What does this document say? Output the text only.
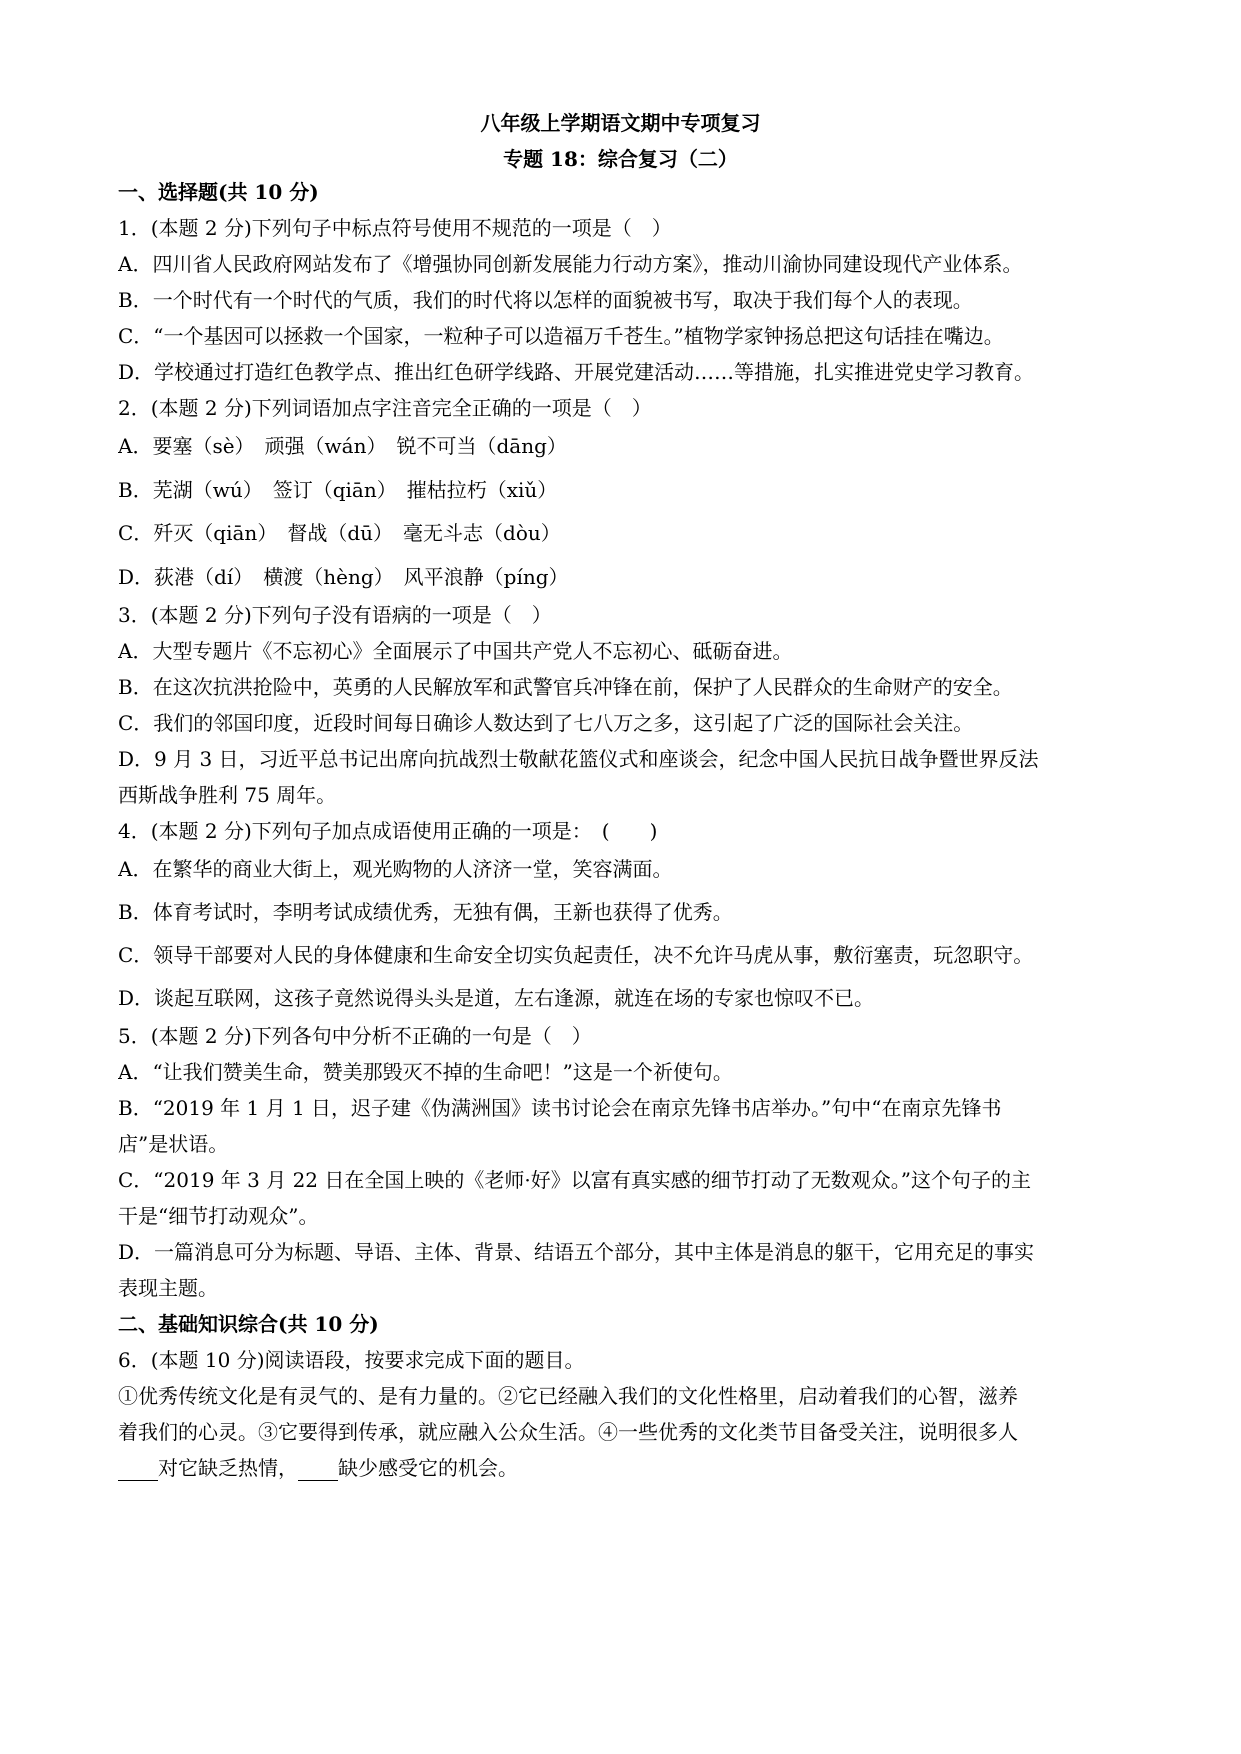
八年级上学期语文期中专项复习
专题 18：综合复习（二）
一、选择题(共 10 分)
1．(本题 2 分)下列句子中标点符号使用不规范的一项是（　）
A．四川省人民政府网站发布了《增强协同创新发展能力行动方案》，推动川渝协同建设现代产业体系。
B．一个时代有一个时代的气质，我们的时代将以怎样的面貌被书写，取决于我们每个人的表现。
C．“一个基因可以拯救一个国家，一粒种子可以造福万千苍生。”植物学家钟扬总把这句话挂在嘴边。
D．学校通过打造红色教学点、推出红色研学线路、开展党建活动……等措施，扎实推进党史学习教育。
2．(本题 2 分)下列词语加点字注音完全正确的一项是（　）
A．要塞（sè）　顽强（wán）　锐不可当（dāng）
B．芜湖（wú）　签订（qiān）　摧枯拉朽（xiǔ）
C．歼灭（qiān）　督战（dū）　毫无斗志（dòu）
D．荻港（dí）　横渡（hèng）　风平浪静（píng）
3．(本题 2 分)下列句子没有语病的一项是（　）
A．大型专题片《不忘初心》全面展示了中国共产党人不忘初心、砥砺奋进。
B．在这次抗洪抢险中，英勇的人民解放军和武警官兵冲锋在前，保护了人民群众的生命财产的安全。
C．我们的邻国印度，近段时间每日确诊人数达到了七八万之多，这引起了广泛的国际社会关注。
D．9 月 3 日，习近平总书记出席向抗战烈士敬献花篮仪式和座谈会，纪念中国人民抗日战争暨世界反法
西斯战争胜利 75 周年。
4．(本题 2 分)下列句子加点成语使用正确的一项是：　(　　)
A．在繁华的商业大街上，观光购物的人济济一堂，笑容满面。
B．体育考试时，李明考试成绩优秀，无独有偶，王新也获得了优秀。
C．领导干部要对人民的身体健康和生命安全切实负起责任，决不允许马虎从事，敷衍塞责，玩忽职守。
D．谈起互联网，这孩子竟然说得头头是道，左右逢源，就连在场的专家也惊叹不已。
5．(本题 2 分)下列各句中分析不正确的一句是（　）
A．“让我们赞美生命，赞美那毁灭不掉的生命吧！”这是一个祈使句。
B．“2019 年 1 月 1 日，迟子建《伪满洲国》读书讨论会在南京先锋书店举办。”句中“在南京先锋书
店”是状语。
C．“2019 年 3 月 22 日在全国上映的《老师·好》以富有真实感的细节打动了无数观众。”这个句子的主
干是“细节打动观众”。
D．一篇消息可分为标题、导语、主体、背景、结语五个部分，其中主体是消息的躯干，它用充足的事实
表现主题。
二、基础知识综合(共 10 分)
6．(本题 10 分)阅读语段，按要求完成下面的题目。
①优秀传统文化是有灵气的、是有力量的。②它已经融入我们的文化性格里，启动着我们的心智，滋养
着我们的心灵。③它要得到传承，就应融入公众生活。④一些优秀的文化类节目备受关注，说明很多人
对它缺乏热情， 缺少感受它的机会。
